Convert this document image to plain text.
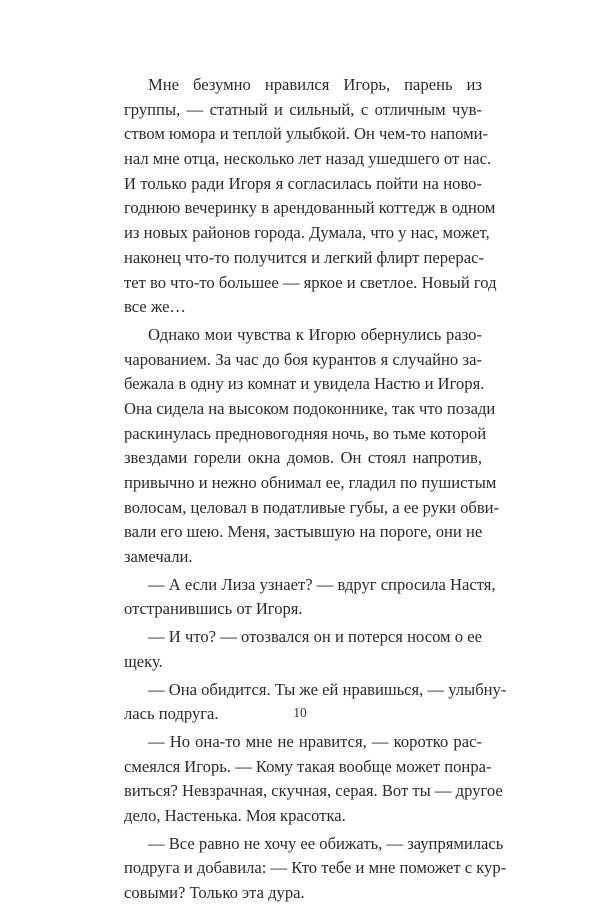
Мне безумно нравился Игорь, парень из
группы, — статный и сильный, с отличным чув-
ством юмора и теплой улыбкой. Он чем-то напоми-
нал мне отца, несколько лет назад ушедшего от нас.
И только ради Игоря я согласилась пойти на ново-
годнюю вечеринку в арендованный коттедж в одном
из новых районов города. Думала, что у нас, может,
наконец что-то получится и легкий флирт перерас-
тет во что-то большее — яркое и светлое. Новый год
все же…
Однако мои чувства к Игорю обернулись разо-
чарованием. За час до боя курантов я случайно за-
бежала в одну из комнат и увидела Настю и Игоря.
Она сидела на высоком подоконнике, так что позади
раскинулась предновогодняя ночь, во тьме которой
звездами горели окна домов. Он стоял напротив,
привычно и нежно обнимал ее, гладил по пушистым
волосам, целовал в податливые губы, а ее руки обви-
вали его шею. Меня, застывшую на пороге, они не
замечали.
— А если Лиза узнает? — вдруг спросила Настя,
отстранившись от Игоря.
— И что? — отозвался он и потерся носом о ее
щеку.
— Она обидится. Ты же ей нравишься, — улыбну-
лась подруга.
— Но она-то мне не нравится, — коротко рас-
смеялся Игорь. — Кому такая вообще может понра-
виться? Невзрачная, скучная, серая. Вот ты — другое
дело, Настенька. Моя красотка.
— Все равно не хочу ее обижать, — заупрямилась
подруга и добавила: — Кто тебе и мне поможет с кур-
совыми? Только эта дура.
10
